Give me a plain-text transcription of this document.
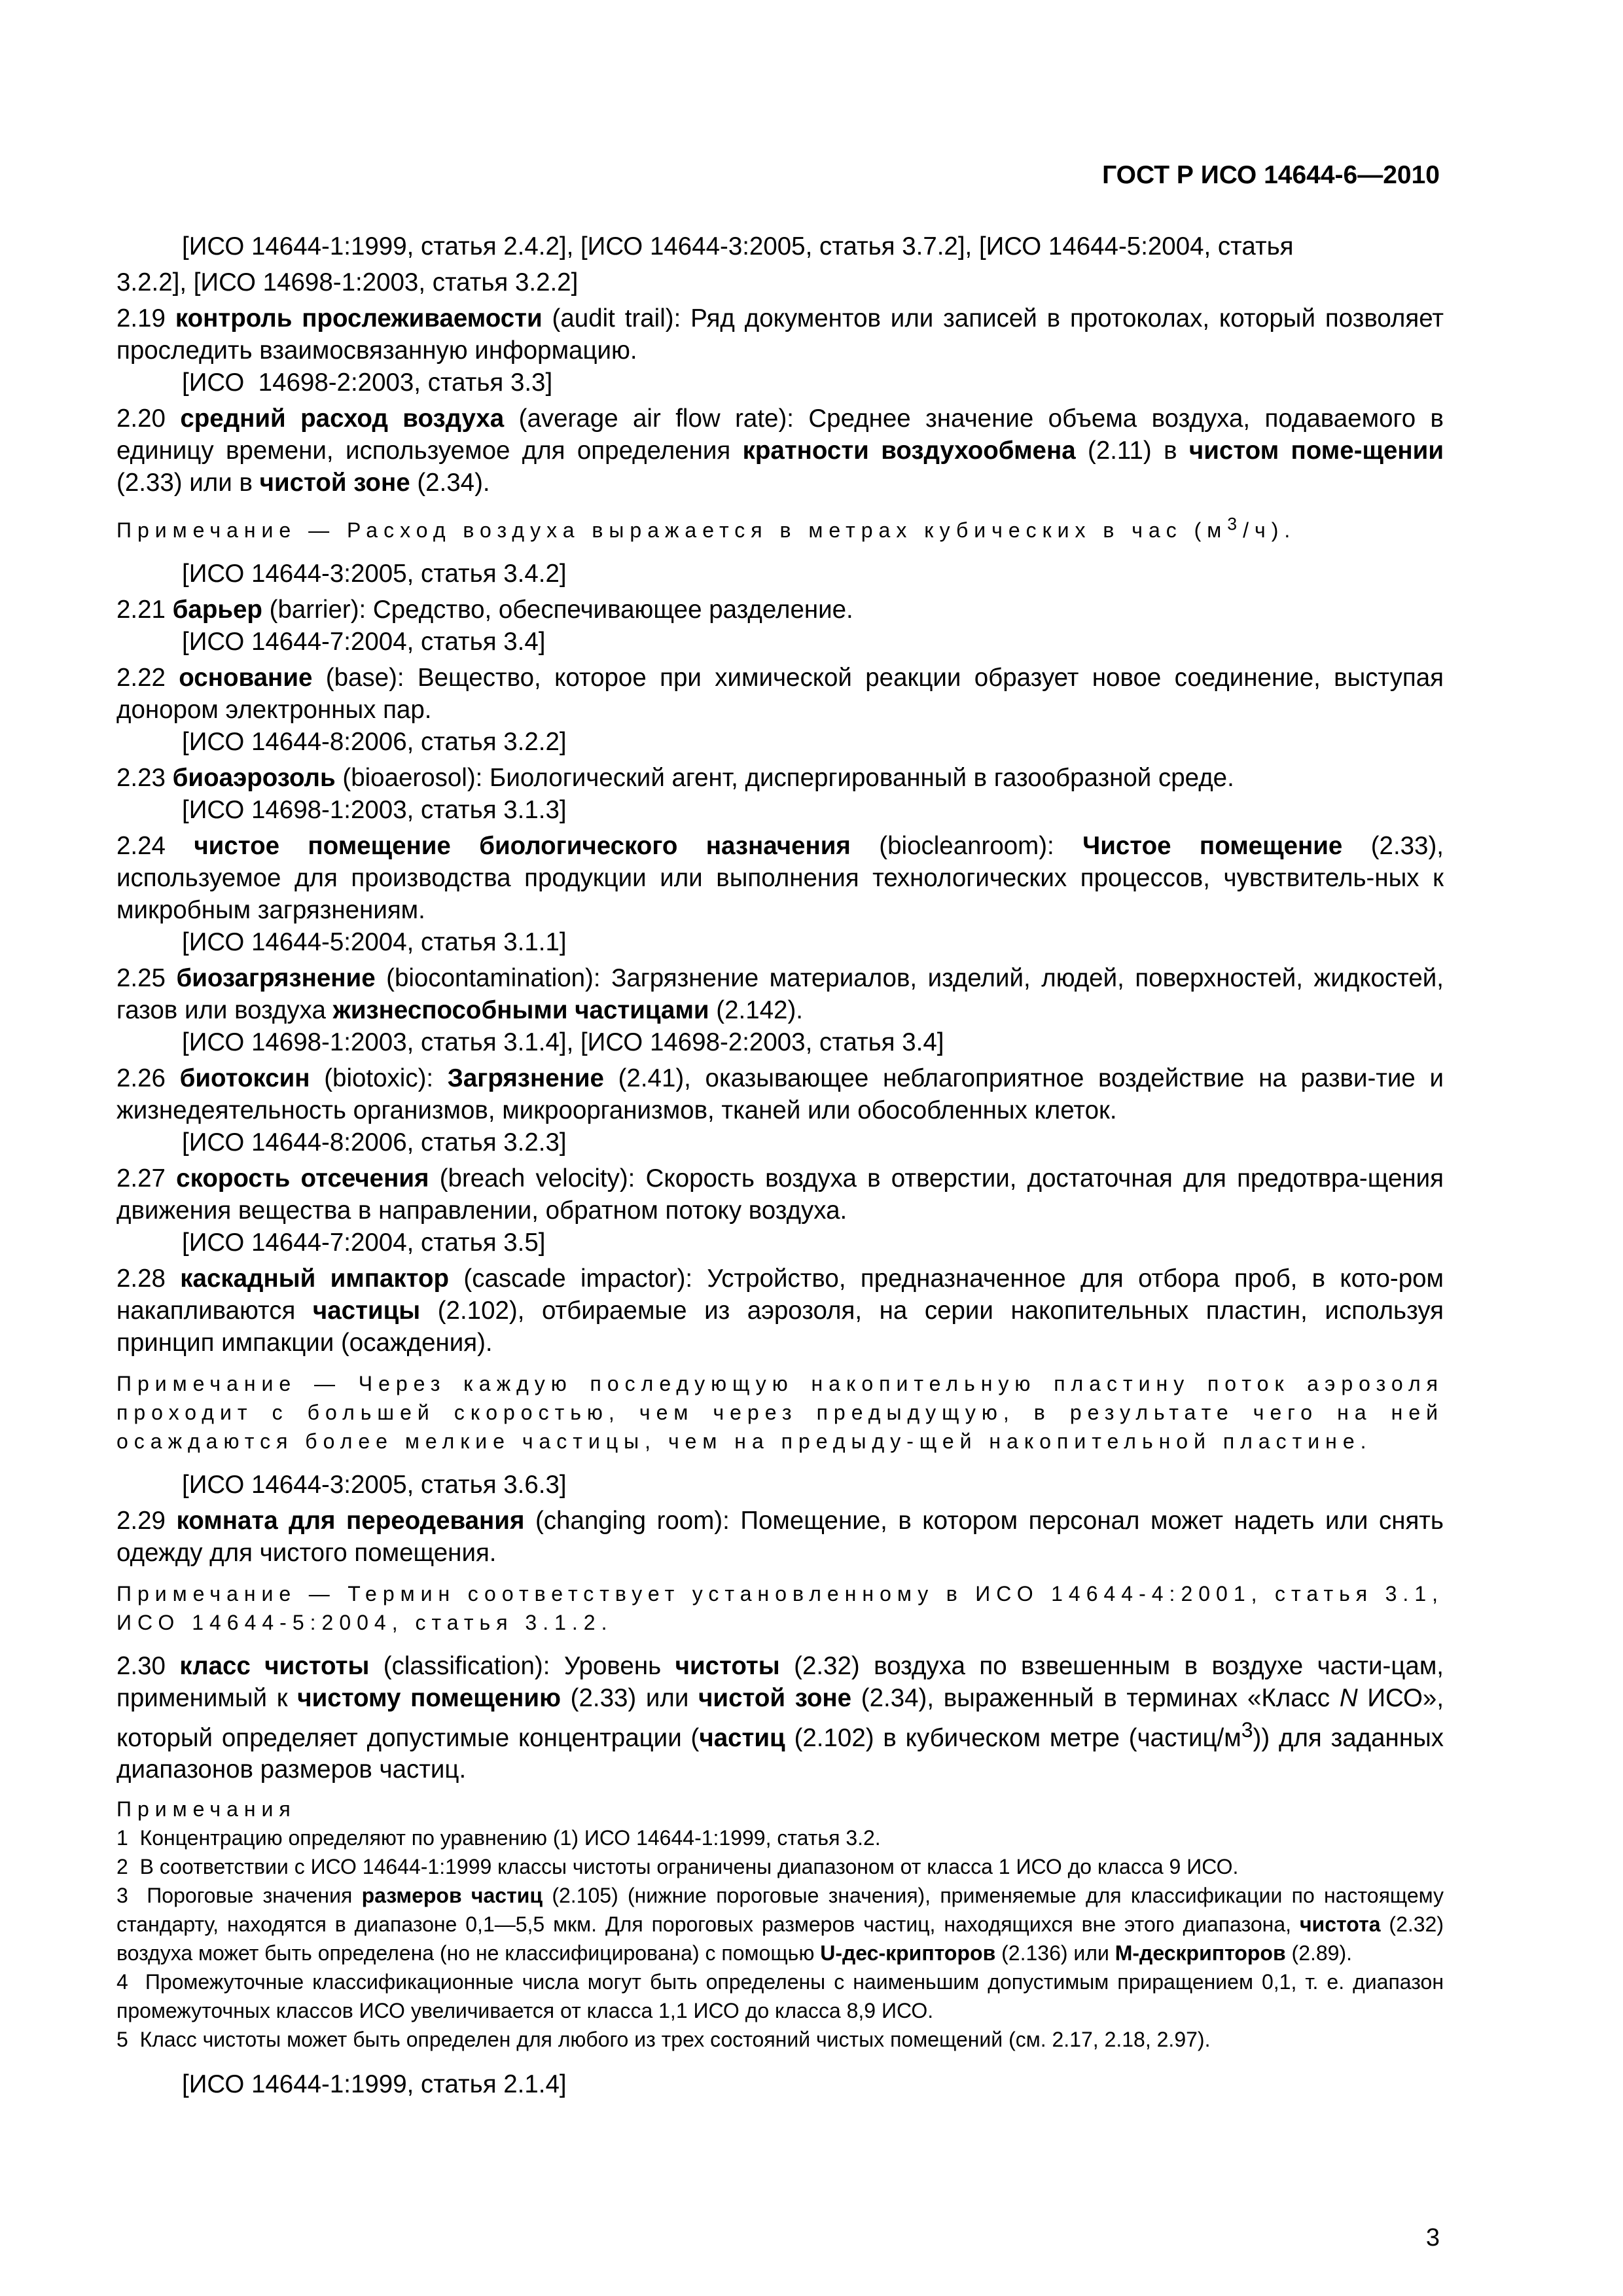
ГОСТ Р ИСО 14644-6—2010

[ИСО 14644-1:1999, статья 2.4.2], [ИСО 14644-3:2005, статья 3.7.2], [ИСО 14644-5:2004, статья

3.2.2], [ИСО 14698-1:2003, статья 3.2.2]

2.19 контроль прослеживаемости (audit trail): Ряд документов или записей в протоколах, который позволяет проследить взаимосвязанную информацию.

[ИСО  14698-2:2003, статья 3.3]

2.20 средний расход воздуха (average air flow rate): Среднее значение объема воздуха, подаваемого в единицу времени, используемое для определения кратности воздухообмена (2.11) в чистом поме-щении (2.33) или в чистой зоне (2.34).

Примечание — Расход воздуха выражается в метрах кубических в час $(м^3/ч)$.

[ИСО 14644-3:2005, статья 3.4.2]

2.21 барьер (barrier): Средство, обеспечивающее разделение.

[ИСО 14644-7:2004, статья 3.4]

2.22 основание (base): Вещество, которое при химической реакции образует новое соединение, выступая донором электронных пар.

[ИСО 14644-8:2006, статья 3.2.2]

2.23 биоаэрозоль (bioaerosol): Биологический агент, диспергированный в газообразной среде.

[ИСО 14698-1:2003, статья 3.1.3]

2.24 чистое помещение биологического назначения (biocleanroom): Чистое помещение (2.33), используемое для производства продукции или выполнения технологических процессов, чувствитель-ных к микробным загрязнениям.

[ИСО 14644-5:2004, статья 3.1.1]

2.25 биозагрязнение (biocontamination): Загрязнение материалов, изделий, людей, поверхностей, жидкостей, газов или воздуха жизнеспособными частицами (2.142).

[ИСО 14698-1:2003, статья 3.1.4], [ИСО 14698-2:2003, статья 3.4]

2.26 биотоксин (biotoxic): Загрязнение (2.41), оказывающее неблагоприятное воздействие на разви-тие и жизнедеятельность организмов, микроорганизмов, тканей или обособленных клеток.

[ИСО 14644-8:2006, статья 3.2.3]

2.27 скорость отсечения (breach velocity): Скорость воздуха в отверстии, достаточная для предотвра-щения движения вещества в направлении, обратном потоку воздуха.

[ИСО 14644-7:2004, статья 3.5]

2.28 каскадный импактор (cascade impactor): Устройство, предназначенное для отбора проб, в кото-ром накапливаются частицы (2.102), отбираемые из аэрозоля, на серии накопительных пластин, используя принцип импакции (осаждения).

Примечание — Через каждую последующую накопительную пластину поток аэрозоля проходит с большей скоростью, чем через предыдущую, в результате чего на ней осаждаются более мелкие частицы, чем на предыду-щей накопительной пластине.

[ИСО 14644-3:2005, статья 3.6.3]

2.29 комната для переодевания (changing room): Помещение, в котором персонал может надеть или снять одежду для чистого помещения.

Примечание — Термин соответствует установленному в ИСО 14644-4:2001, статья 3.1, ИСО 14644-5:2004, статья 3.1.2.

2.30 класс чистоты (classification): Уровень чистоты (2.32) воздуха по взвешенным в воздухе части-цам, применимый к чистому помещению (2.33) или чистой зоне (2.34), выраженный в терминах «Класс N ИСО», который определяет допустимые концентрации (частиц (2.102) в кубическом метре $(частиц/м^3)$) для заданных диапазонов размеров частиц.

Примечания

1  Концентрацию определяют по уравнению (1) ИСО 14644-1:1999, статья 3.2.

2  В соответствии с ИСО 14644-1:1999 классы чистоты ограничены диапазоном от класса 1 ИСО до класса 9 ИСО.

3  Пороговые значения размеров частиц (2.105) (нижние пороговые значения), применяемые для классификации по настоящему стандарту, находятся в диапазоне 0,1—5,5 мкм. Для пороговых размеров частиц, находящихся вне этого диапазона, чистота (2.32) воздуха может быть определена (но не классифицирована) с помощью U-дес-крипторов (2.136) или М-дескрипторов (2.89).

4  Промежуточные классификационные числа могут быть определены с наименьшим допустимым приращением 0,1, т. е. диапазон промежуточных классов ИСО увеличивается от класса 1,1 ИСО до класса 8,9 ИСО.

5  Класс чистоты может быть определен для любого из трех состояний чистых помещений (см. 2.17, 2.18, 2.97).

[ИСО 14644-1:1999, статья 2.1.4]

3
